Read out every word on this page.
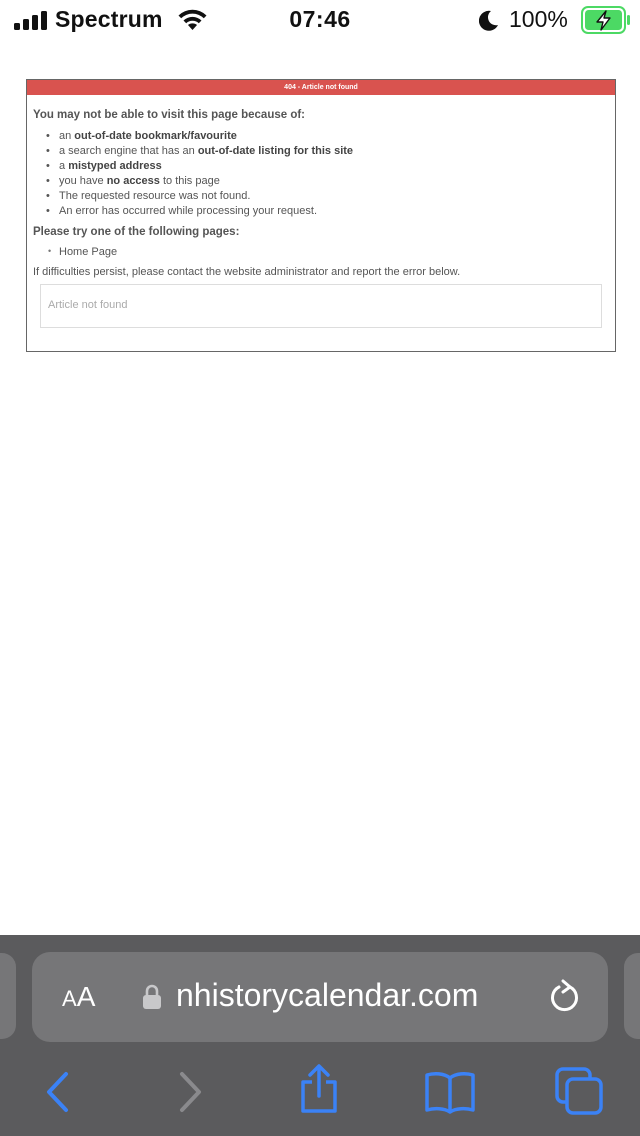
Spectrum	07:46	100%
404 - Article not found
You may not be able to visit this page because of:
• an out-of-date bookmark/favourite
• a search engine that has an out-of-date listing for this site
• a mistyped address
• you have no access to this page
• The requested resource was not found.
• An error has occurred while processing your request.
Please try one of the following pages:
• Home Page
If difficulties persist, please contact the website administrator and report the error below.
Article not found
AA	nhistorycalendar.com
